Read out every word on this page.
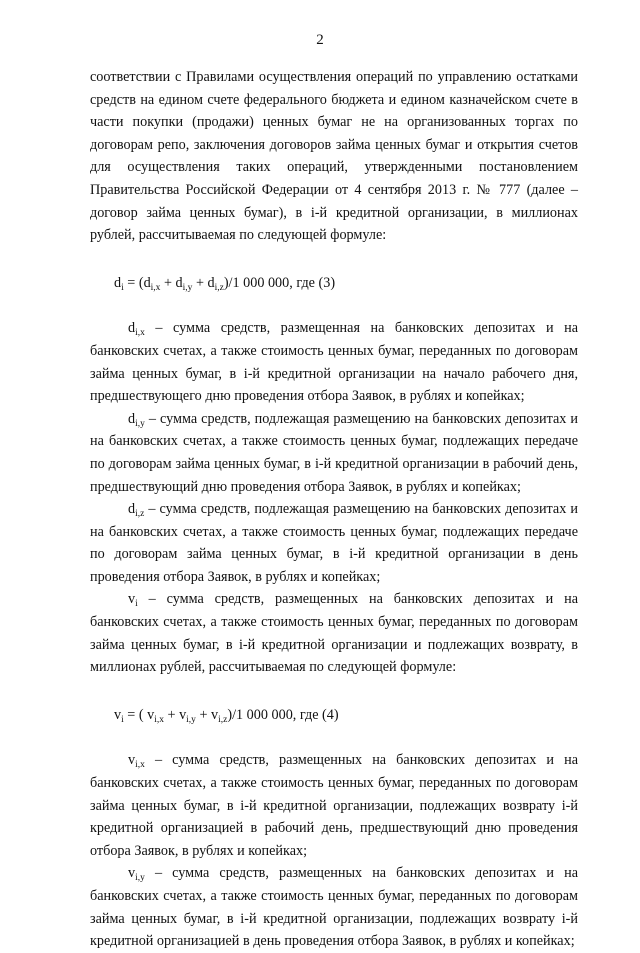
2

соответствии с Правилами осуществления операций по управлению остатками средств на едином счете федерального бюджета и едином казначейском счете в части покупки (продажи) ценных бумаг не на организованных торгах по договорам репо, заключения договоров займа ценных бумаг и открытия счетов для осуществления таких операций, утвержденными постановлением Правительства Российской Федерации от 4 сентября 2013 г. № 777 (далее – договор займа ценных бумаг), в i-й кредитной организации, в миллионах рублей, рассчитываемая по следующей формуле:

$d_i = (d_{i,x} + d_{i,y} + d_{i,z})/1$ 000 000, где (3)

$d_{i,x}$ – сумма средств, размещенная на банковских депозитах и на банковских счетах, а также стоимость ценных бумаг, переданных по договорам займа ценных бумаг, в i-й кредитной организации на начало рабочего дня, предшествующего дню проведения отбора Заявок, в рублях и копейках;

$d_{i,y}$ – сумма средств, подлежащая размещению на банковских депозитах и на банковских счетах, а также стоимость ценных бумаг, подлежащих передаче по договорам займа ценных бумаг, в i-й кредитной организации в рабочий день, предшествующий дню проведения отбора Заявок, в рублях и копейках;

$d_{i,z}$ – сумма средств, подлежащая размещению на банковских депозитах и на банковских счетах, а также стоимость ценных бумаг, подлежащих передаче по договорам займа ценных бумаг, в i-й кредитной организации в день проведения отбора Заявок, в рублях и копейках;

$v_i$ – сумма средств, размещенных на банковских депозитах и на банковских счетах, а также стоимость ценных бумаг, переданных по договорам займа ценных бумаг, в i-й кредитной организации и подлежащих возврату, в миллионах рублей, рассчитываемая по следующей формуле:

$v_i$ = ( $v_{i,x} + v_{i,y} + v_{i,z})/1$ 000 000, где (4)

$v_{i,x}$ – сумма средств, размещенных на банковских депозитах и на банковских счетах, а также стоимость ценных бумаг, переданных по договорам займа ценных бумаг, в i-й кредитной организации, подлежащих возврату i-й кредитной организацией в рабочий день, предшествующий дню проведения отбора Заявок, в рублях и копейках;

$v_{i,y}$ – сумма средств, размещенных на банковских депозитах и на банковских счетах, а также стоимость ценных бумаг, переданных по договорам займа ценных бумаг, в i-й кредитной организации, подлежащих возврату i-й кредитной организацией в день проведения отбора Заявок, в рублях и копейках;
